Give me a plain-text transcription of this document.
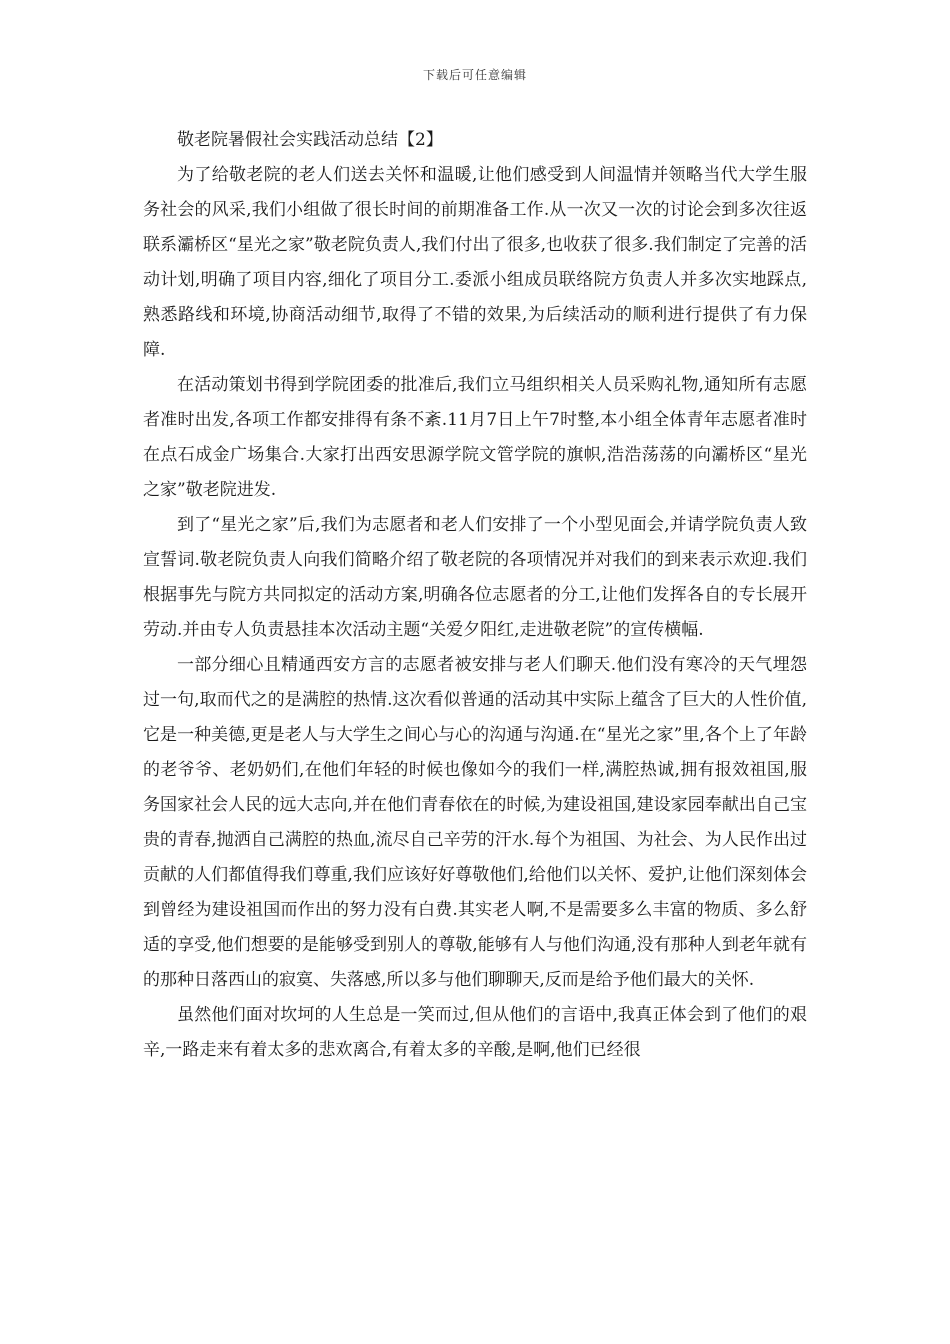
下载后可任意编辑
敬老院暑假社会实践活动总结【2】

为了给敬老院的老人们送去关怀和温暖,让他们感受到人间温情并领略当代大学生服务社会的风采,我们小组做了很长时间的前期准备工作.从一次又一次的讨论会到多次往返联系灞桥区“星光之家”敬老院负责人,我们付出了很多,也收获了很多.我们制定了完善的活动计划,明确了项目内容,细化了项目分工.委派小组成员联络院方负责人并多次实地踩点,熟悉路线和环境,协商活动细节,取得了不错的效果,为后续活动的顺利进行提供了有力保障.

在活动策划书得到学院团委的批准后,我们立马组织相关人员采购礼物,通知所有志愿者准时出发,各项工作都安排得有条不紊.11月7日上午7时整,本小组全体青年志愿者准时在点石成金广场集合.大家打出西安思源学院文管学院的旗帜,浩浩荡荡的向灞桥区“星光之家”敬老院进发.

到了“星光之家”后,我们为志愿者和老人们安排了一个小型见面会,并请学院负责人致宣誓词.敬老院负责人向我们简略介绍了敬老院的各项情况并对我们的到来表示欢迎.我们根据事先与院方共同拟定的活动方案,明确各位志愿者的分工,让他们发挥各自的专长展开劳动.并由专人负责悬挂本次活动主题“关爱夕阳红,走进敬老院”的宣传横幅.

一部分细心且精通西安方言的志愿者被安排与老人们聊天.他们没有寒冷的天气埋怨过一句,取而代之的是满腔的热情.这次看似普通的活动其中实际上蕴含了巨大的人性价值,它是一种美德,更是老人与大学生之间心与心的沟通与沟通.在“星光之家”里,各个上了年龄的老爷爷、老奶奶们,在他们年轻的时候也像如今的我们一样,满腔热诚,拥有报效祖国,服务国家社会人民的远大志向,并在他们青春依在的时候,为建设祖国,建设家园奉献出自己宝贵的青春,抛洒自己满腔的热血,流尽自己辛劳的汗水.每个为祖国、为社会、为人民作出过贡献的人们都值得我们尊重,我们应该好好尊敬他们,给他们以关怀、爱护,让他们深刻体会到曾经为建设祖国而作出的努力没有白费.其实老人啊,不是需要多么丰富的物质、多么舒适的享受,他们想要的是能够受到别人的尊敬,能够有人与他们沟通,没有那种人到老年就有的那种日落西山的寂寞、失落感,所以多与他们聊聊天,反而是给予他们最大的关怀.

虽然他们面对坎坷的人生总是一笑而过,但从他们的言语中,我真正体会到了他们的艰辛,一路走来有着太多的悲欢离合,有着太多的辛酸,是啊,他们已经很
